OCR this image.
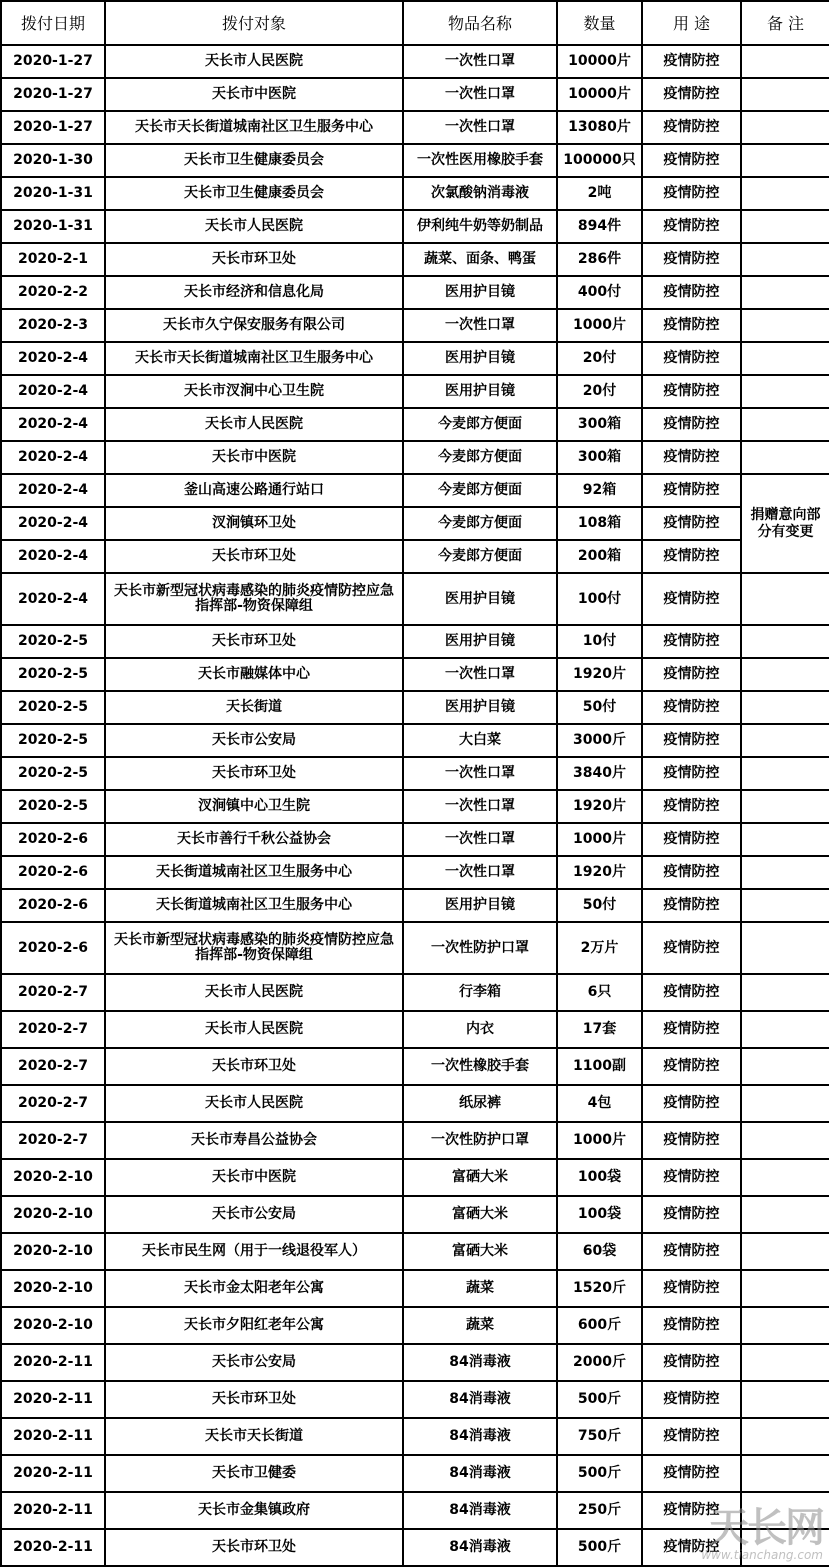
拨付日期	拨付对象	物品名称	数量	用 途	备 注
2020-1-27	天长市人民医院	一次性口罩	10000片	疫情防控	
2020-1-27	天长市中医院	一次性口罩	10000片	疫情防控	
2020-1-27	天长市天长街道城南社区卫生服务中心	一次性口罩	13080片	疫情防控	
2020-1-30	天长市卫生健康委员会	一次性医用橡胶手套	100000只	疫情防控	
2020-1-31	天长市卫生健康委员会	次氯酸钠消毒液	2吨	疫情防控	
2020-1-31	天长市人民医院	伊利纯牛奶等奶制品	894件	疫情防控	
2020-2-1	天长市环卫处	蔬菜、面条、鸭蛋	286件	疫情防控	
2020-2-2	天长市经济和信息化局	医用护目镜	400付	疫情防控	
2020-2-3	天长市久宁保安服务有限公司	一次性口罩	1000片	疫情防控	
2020-2-4	天长市天长街道城南社区卫生服务中心	医用护目镜	20付	疫情防控	
2020-2-4	天长市汊涧中心卫生院	医用护目镜	20付	疫情防控	
2020-2-4	天长市人民医院	今麦郎方便面	300箱	疫情防控	
2020-2-4	天长市中医院	今麦郎方便面	300箱	疫情防控	
2020-2-4	釜山高速公路通行站口	今麦郎方便面	92箱	疫情防控	捐赠意向部分有变更
2020-2-4	汊涧镇环卫处	今麦郎方便面	108箱	疫情防控	
2020-2-4	天长市环卫处	今麦郎方便面	200箱	疫情防控	
2020-2-4	天长市新型冠状病毒感染的肺炎疫情防控应急指挥部-物资保障组	医用护目镜	100付	疫情防控	
2020-2-5	天长市环卫处	医用护目镜	10付	疫情防控	
2020-2-5	天长市融媒体中心	一次性口罩	1920片	疫情防控	
2020-2-5	天长街道	医用护目镜	50付	疫情防控	
2020-2-5	天长市公安局	大白菜	3000斤	疫情防控	
2020-2-5	天长市环卫处	一次性口罩	3840片	疫情防控	
2020-2-5	汊涧镇中心卫生院	一次性口罩	1920片	疫情防控	
2020-2-6	天长市善行千秋公益协会	一次性口罩	1000片	疫情防控	
2020-2-6	天长街道城南社区卫生服务中心	一次性口罩	1920片	疫情防控	
2020-2-6	天长街道城南社区卫生服务中心	医用护目镜	50付	疫情防控	
2020-2-6	天长市新型冠状病毒感染的肺炎疫情防控应急指挥部-物资保障组	一次性防护口罩	2万片	疫情防控	
2020-2-7	天长市人民医院	行李箱	6只	疫情防控	
2020-2-7	天长市人民医院	内衣	17套	疫情防控	
2020-2-7	天长市环卫处	一次性橡胶手套	1100副	疫情防控	
2020-2-7	天长市人民医院	纸尿裤	4包	疫情防控	
2020-2-7	天长市寿昌公益协会	一次性防护口罩	1000片	疫情防控	
2020-2-10	天长市中医院	富硒大米	100袋	疫情防控	
2020-2-10	天长市公安局	富硒大米	100袋	疫情防控	
2020-2-10	天长市民生网（用于一线退役军人）	富硒大米	60袋	疫情防控	
2020-2-10	天长市金太阳老年公寓	蔬菜	1520斤	疫情防控	
2020-2-10	天长市夕阳红老年公寓	蔬菜	600斤	疫情防控	
2020-2-11	天长市公安局	84消毒液	2000斤	疫情防控	
2020-2-11	天长市环卫处	84消毒液	500斤	疫情防控	
2020-2-11	天长市天长街道	84消毒液	750斤	疫情防控	
2020-2-11	天长市卫健委	84消毒液	500斤	疫情防控	
2020-2-11	天长市金集镇政府	84消毒液	250斤	疫情防控	
2020-2-11	天长市环卫处	84消毒液	500斤	疫情防控	
天长网
www.tianchang.com
